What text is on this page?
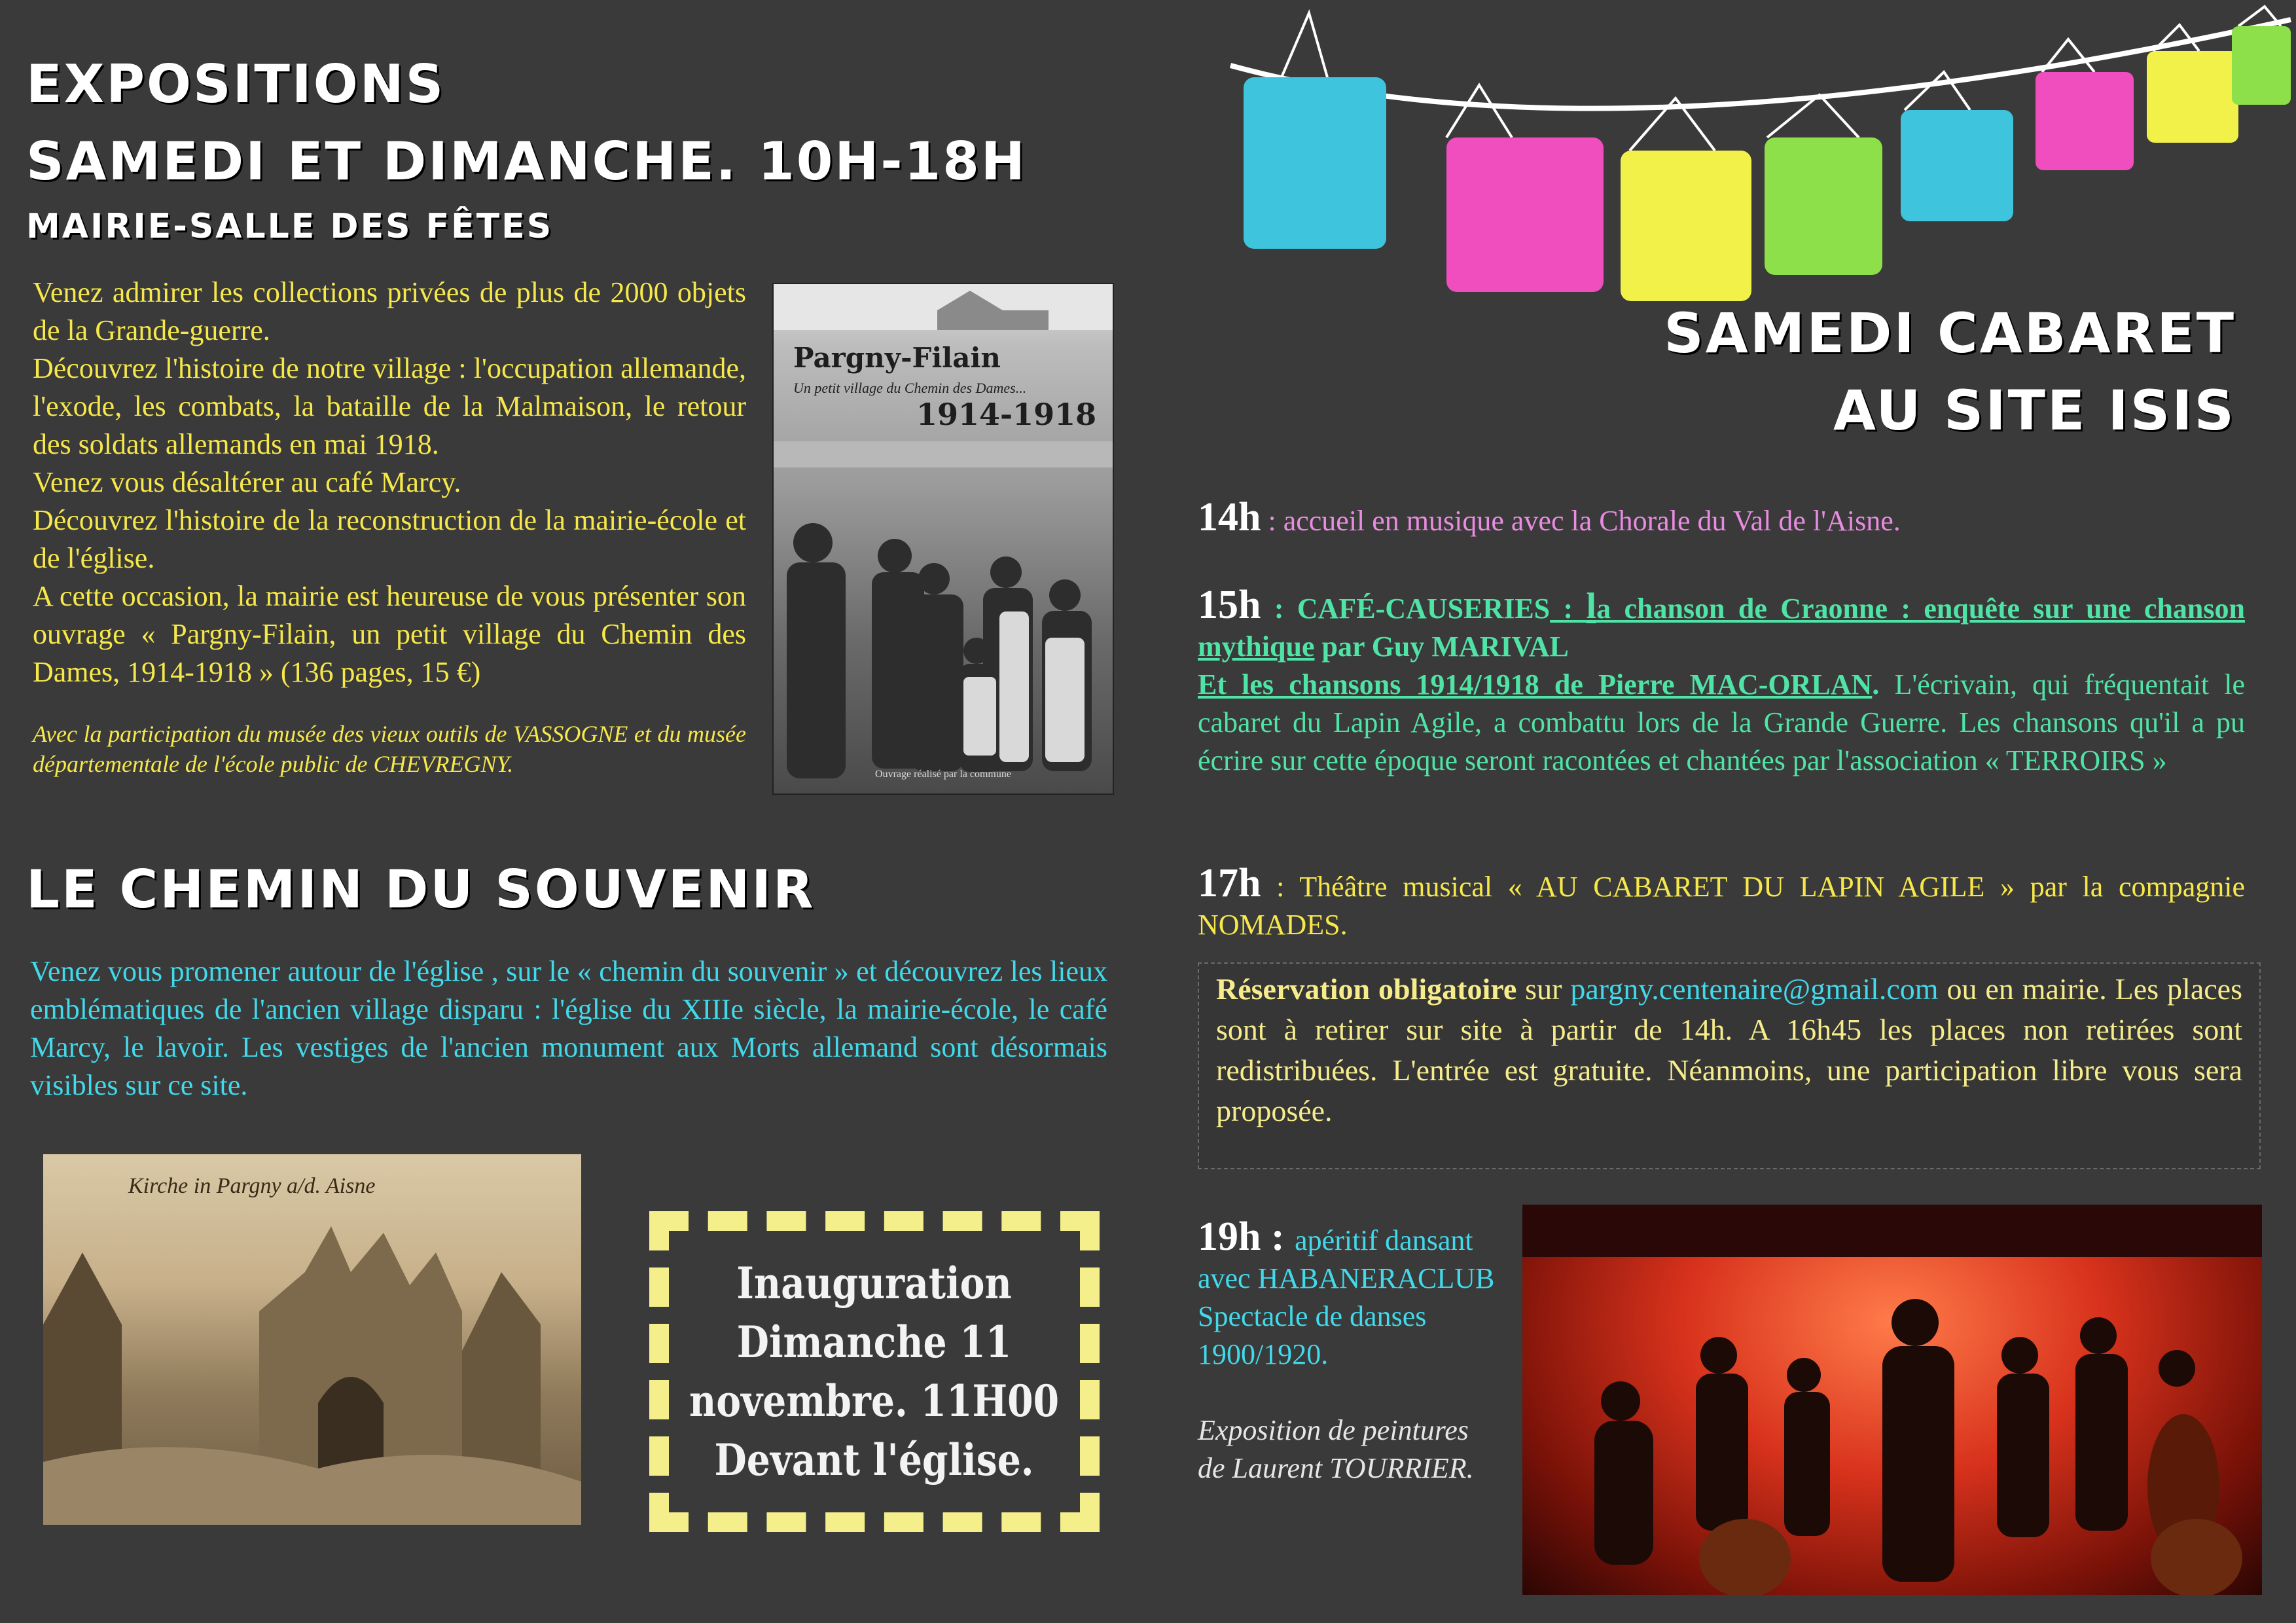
EXPOSITIONS
SAMEDI ET DIMANCHE. 10H-18H
MAIRIE-SALLE DES FÊTES

Venez admirer les collections privées de plus de 2000 objets de la Grande-guerre.

Découvrez l'histoire de notre village : l'occupation allemande, l'exode, les combats, la bataille de la Malmaison, le retour des soldats allemands en mai 1918.

Venez vous désaltérer au café Marcy.

Découvrez l'histoire de la reconstruction de la mairie-école et de l'église.

A cette occasion, la mairie est heureuse de vous présenter son ouvrage « Pargny-Filain, un petit village du Chemin des Dames, 1914-1918 » (136 pages, 15 €)

Avec la participation du musée des vieux outils de VASSOGNE et du musée départementale de l'école public de CHEVREGNY.

Pargny-Filain
Un petit village du Chemin des Dames...
1914-1918
Ouvrage réalisé par la commune
LE CHEMIN DU SOUVENIR

Venez vous promener autour de l'église , sur le « chemin du souvenir » et découvrez les lieux emblématiques de l'ancien village disparu : l'église du XIIIe siècle, la mairie-école, le café Marcy, le lavoir. Les vestiges de l'ancien monument aux Morts allemand sont désormais visibles sur ce site.

Kirche in Pargny a/d. Aisne
Inauguration
Dimanche 11
novembre. 11H00
Devant l'église.
SAMEDI CABARET
AU SITE ISIS
14h : accueil en musique avec la Chorale du Val de l'Aisne.
15h : CAFÉ-CAUSERIES : la chanson de Craonne : enquête sur une chanson mythique par Guy MARIVAL
Et les chansons 1914/1918 de Pierre MAC-ORLAN. L'écrivain, qui fréquentait le cabaret du Lapin Agile, a combattu lors de la Grande Guerre. Les chansons qu'il a pu écrire sur cette époque seront racontées et chantées par l'association « TERROIRS »
17h : Théâtre musical « AU CABARET DU LAPIN AGILE » par la compagnie NOMADES.

Réservation obligatoire sur pargny.centenaire@gmail.com ou en mairie. Les places sont à retirer sur site à partir de 14h. A 16h45 les places non retirées sont redistribuées. L'entrée est gratuite. Néanmoins, une participation libre vous sera proposée.

19h : apéritif dansant avec HABANERACLUB Spectacle de danses 1900/1920.

Exposition de peintures de Laurent TOURRIER.
